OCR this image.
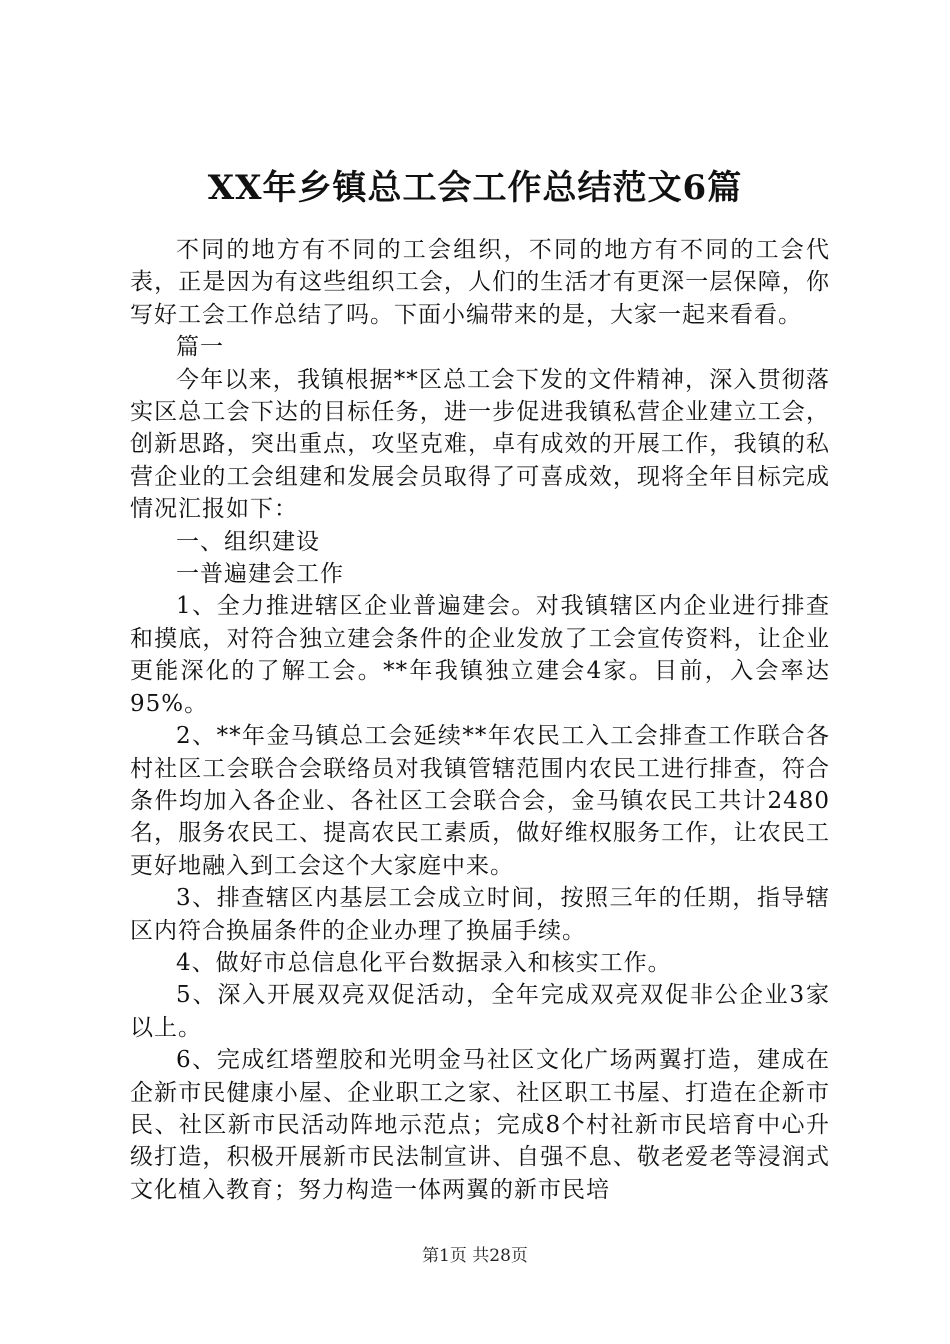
XX年乡镇总工会工作总结范文6篇

不同的地方有不同的工会组织，不同的地方有不同的工会代表，正是因为有这些组织工会，人们的生活才有更深一层保障，你写好工会工作总结了吗。下面小编带来的是，大家一起来看看。

篇一

今年以来，我镇根据**区总工会下发的文件精神，深入贯彻落实区总工会下达的目标任务，进一步促进我镇私营企业建立工会，创新思路，突出重点，攻坚克难，卓有成效的开展工作，我镇的私营企业的工会组建和发展会员取得了可喜成效，现将全年目标完成情况汇报如下：

一、组织建设

一普遍建会工作

1、全力推进辖区企业普遍建会。对我镇辖区内企业进行排查和摸底，对符合独立建会条件的企业发放了工会宣传资料，让企业更能深化的了解工会。**年我镇独立建会4家。目前，入会率达95%。

2、**年金马镇总工会延续**年农民工入工会排查工作联合各村社区工会联合会联络员对我镇管辖范围内农民工进行排查，符合条件均加入各企业、各社区工会联合会，金马镇农民工共计2480名，服务农民工、提高农民工素质，做好维权服务工作，让农民工更好地融入到工会这个大家庭中来。

3、排查辖区内基层工会成立时间，按照三年的任期，指导辖区内符合换届条件的企业办理了换届手续。

4、做好市总信息化平台数据录入和核实工作。

5、深入开展双亮双促活动，全年完成双亮双促非公企业3家以上。

6、完成红塔塑胶和光明金马社区文化广场两翼打造，建成在企新市民健康小屋、企业职工之家、社区职工书屋、打造在企新市民、社区新市民活动阵地示范点；完成8个村社新市民培育中心升级打造，积极开展新市民法制宣讲、自强不息、敬老爱老等浸润式文化植入教育；努力构造一体两翼的新市民培

第1页 共28页
